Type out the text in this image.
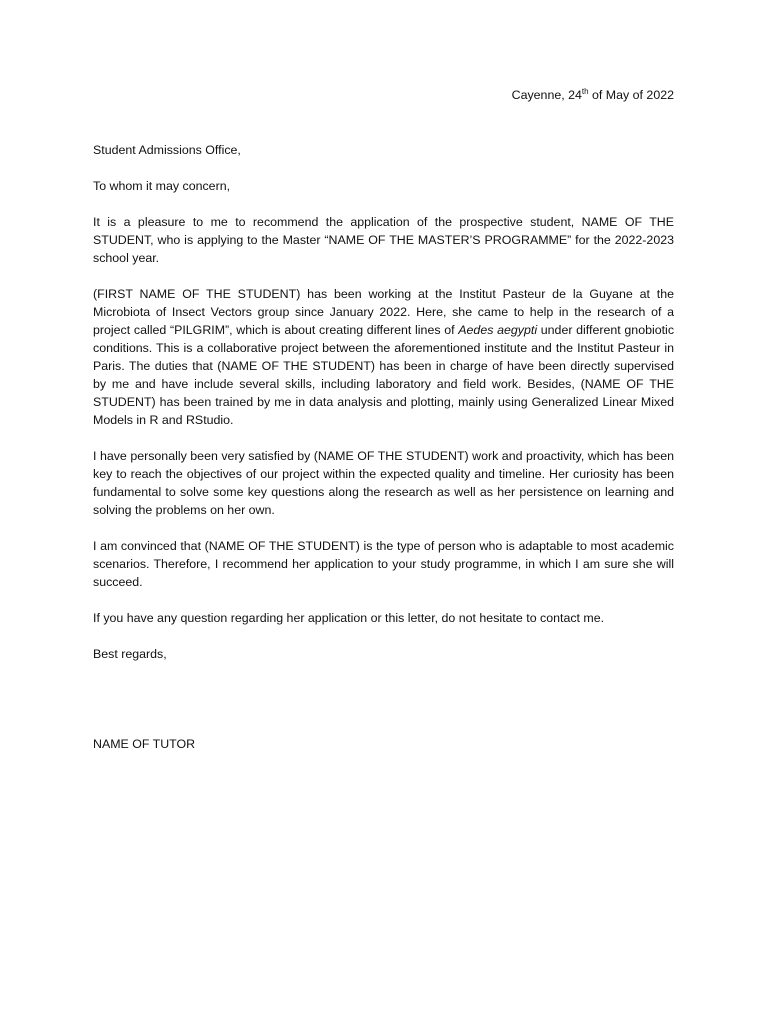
Cayenne, 24th of May of 2022

Student Admissions Office,

To whom it may concern,

It is a pleasure to me to recommend the application of the prospective student, NAME OF THE STUDENT, who is applying to the Master “NAME OF THE MASTER’S PROGRAMME” for the 2022-2023 school year.

(FIRST NAME OF THE STUDENT) has been working at the Institut Pasteur de la Guyane at the Microbiota of Insect Vectors group since January 2022. Here, she came to help in the research of a project called “PILGRIM”, which is about creating different lines of Aedes aegypti under different gnobiotic conditions. This is a collaborative project between the aforementioned institute and the Institut Pasteur in Paris. The duties that (NAME OF THE STUDENT) has been in charge of have been directly supervised by me and have include several skills, including laboratory and field work. Besides, (NAME OF THE STUDENT) has been trained by me in data analysis and plotting, mainly using Generalized Linear Mixed Models in R and RStudio.

I have personally been very satisfied by (NAME OF THE STUDENT) work and proactivity, which has been key to reach the objectives of our project within the expected quality and timeline. Her curiosity has been fundamental to solve some key questions along the research as well as her persistence on learning and solving the problems on her own.

I am convinced that (NAME OF THE STUDENT) is the type of person who is adaptable to most academic scenarios. Therefore, I recommend her application to your study programme, in which I am sure she will succeed.

If you have any question regarding her application or this letter, do not hesitate to contact me.

Best regards,

NAME OF TUTOR
